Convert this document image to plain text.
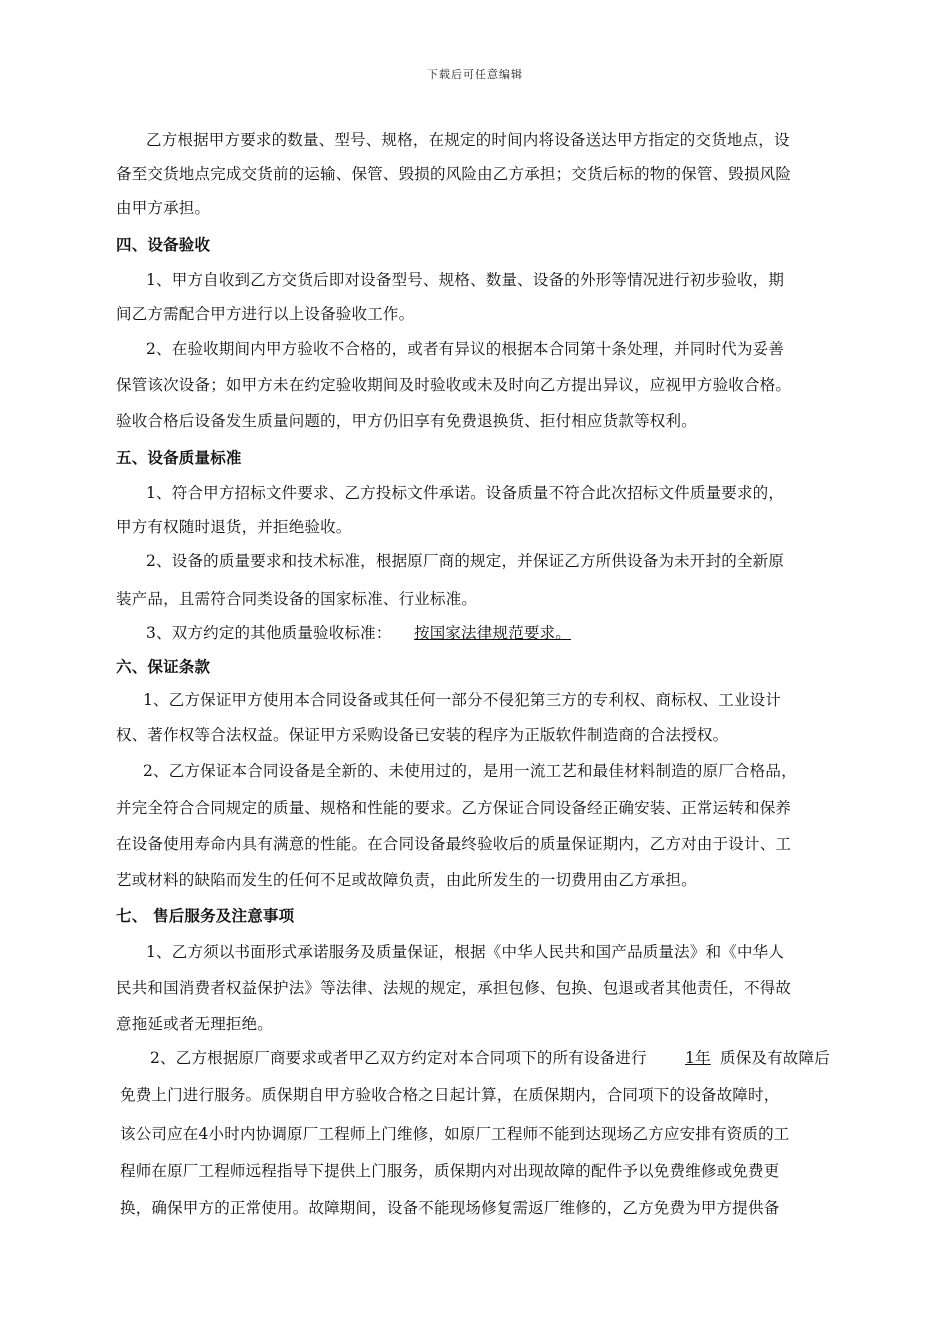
下载后可任意编辑
乙方根据甲方要求的数量、型号、规格，在规定的时间内将设备送达甲方指定的交货地点，设
备至交货地点完成交货前的运输、保管、毁损的风险由乙方承担；交货后标的物的保管、毁损风险
由甲方承担。
四、设备验收
1、甲方自收到乙方交货后即对设备型号、规格、数量、设备的外形等情况进行初步验收，期
间乙方需配合甲方进行以上设备验收工作。
2、在验收期间内甲方验收不合格的，或者有异议的根据本合同第十条处理，并同时代为妥善
保管该次设备；如甲方未在约定验收期间及时验收或未及时向乙方提出异议，应视甲方验收合格。
验收合格后设备发生质量问题的，甲方仍旧享有免费退换货、拒付相应货款等权利。
五、设备质量标准
1、符合甲方招标文件要求、乙方投标文件承诺。设备质量不符合此次招标文件质量要求的，
甲方有权随时退货，并拒绝验收。
2、设备的质量要求和技术标准，根据原厂商的规定，并保证乙方所供设备为未开封的全新原
装产品，且需符合同类设备的国家标准、行业标准。
3、双方约定的其他质量验收标准： 按国家法律规范要求。
六、保证条款
1、乙方保证甲方使用本合同设备或其任何一部分不侵犯第三方的专利权、商标权、工业设计
权、著作权等合法权益。保证甲方采购设备已安装的程序为正版软件制造商的合法授权。
2、乙方保证本合同设备是全新的、未使用过的，是用一流工艺和最佳材料制造的原厂合格品，
并完全符合合同规定的质量、规格和性能的要求。乙方保证合同设备经正确安装、正常运转和保养
在设备使用寿命内具有满意的性能。在合同设备最终验收后的质量保证期内，乙方对由于设计、工
艺或材料的缺陷而发生的任何不足或故障负责，由此所发生的一切费用由乙方承担。
七、 售后服务及注意事项
1、乙方须以书面形式承诺服务及质量保证，根据《中华人民共和国产品质量法》和《中华人
民共和国消费者权益保护法》等法律、法规的规定，承担包修、包换、包退或者其他责任，不得故
意拖延或者无理拒绝。
2、乙方根据原厂商要求或者甲乙双方约定对本合同项下的所有设备进行 1年 质保及有故障后
免费上门进行服务。质保期自甲方验收合格之日起计算，在质保期内，合同项下的设备故障时，
该公司应在4小时内协调原厂工程师上门维修，如原厂工程师不能到达现场乙方应安排有资质的工
程师在原厂工程师远程指导下提供上门服务，质保期内对出现故障的配件予以免费维修或免费更
换，确保甲方的正常使用。故障期间，设备不能现场修复需返厂维修的，乙方免费为甲方提供备
